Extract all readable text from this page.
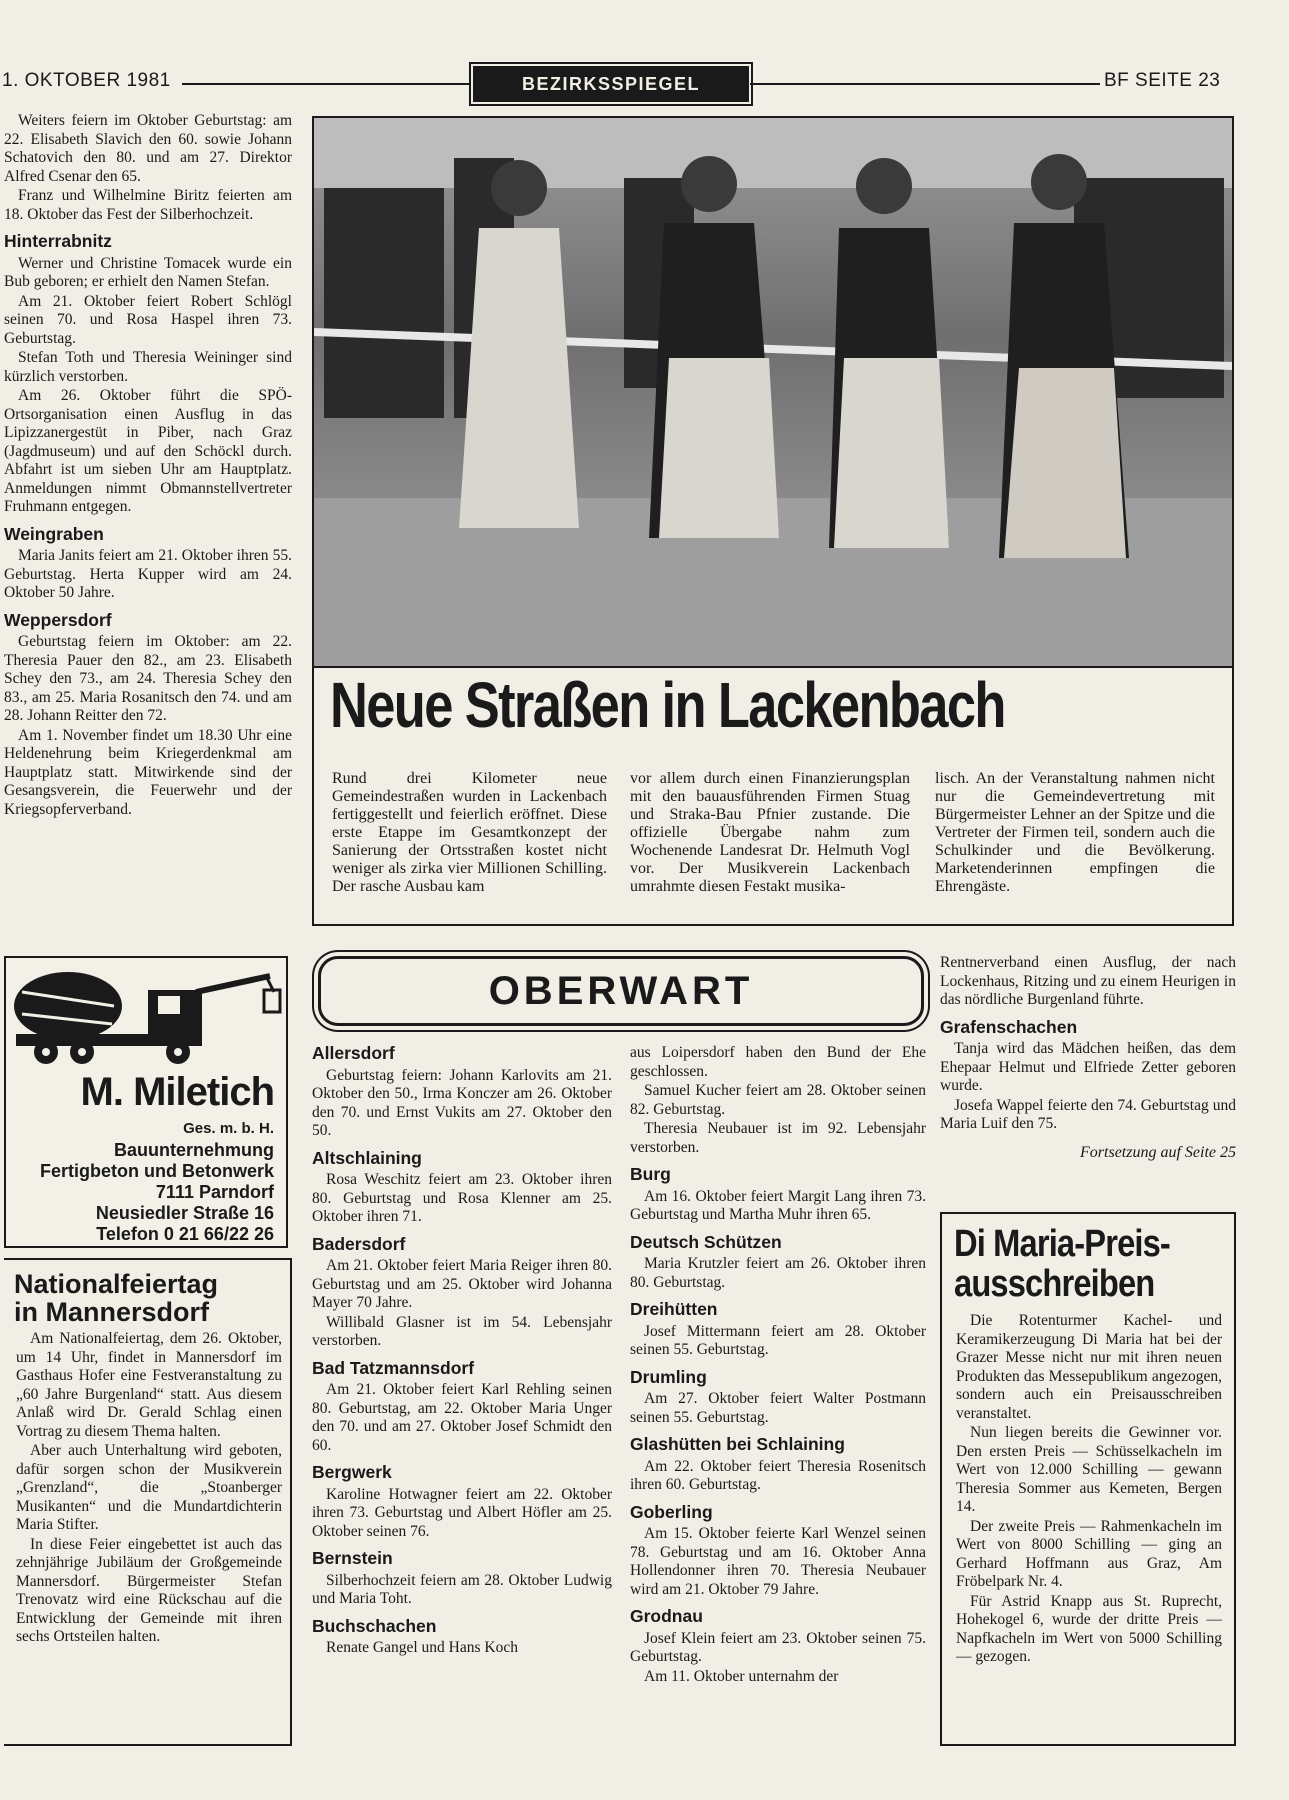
1. OKTOBER 1981	BEZIRKSSPIEGEL	BF SEITE 23

Weiters feiern im Oktober Geburtstag: am 22. Elisabeth Slavich den 60. sowie Johann Schatovich den 80. und am 27. Direktor Alfred Csenar den 65.

Franz und Wilhelmine Biritz feierten am 18. Oktober das Fest der Silberhochzeit.

Hinterrabnitz

Werner und Christine Tomacek wurde ein Bub geboren; er erhielt den Namen Stefan.

Am 21. Oktober feiert Robert Schlögl seinen 70. und Rosa Haspel ihren 73. Geburtstag.

Stefan Toth und Theresia Weininger sind kürzlich verstorben.

Am 26. Oktober führt die SPÖ-Ortsorganisation einen Ausflug in das Lipizzanergestüt in Piber, nach Graz (Jagdmuseum) und auf den Schöckl durch. Abfahrt ist um sieben Uhr am Hauptplatz. Anmeldungen nimmt Obmannstellvertreter Fruhmann entgegen.

Weingraben

Maria Janits feiert am 21. Oktober ihren 55. Geburtstag. Herta Kupper wird am 24. Oktober 50 Jahre.

Weppersdorf

Geburtstag feiern im Oktober: am 22. Theresia Pauer den 82., am 23. Elisabeth Schey den 73., am 24. Theresia Schey den 83., am 25. Maria Rosanitsch den 74. und am 28. Johann Reitter den 72.

Am 1. November findet um 18.30 Uhr eine Heldenehrung beim Kriegerdenkmal am Hauptplatz statt. Mitwirkende sind der Gesangsverein, die Feuerwehr und der Kriegsopferverband.

M. Miletich
Ges. m. b. H.
Bauunternehmung
Fertigbeton und Betonwerk
7111 Parndorf
Neusiedler Straße 16
Telefon 0 21 66/22 26
Nationalfeiertag
in Mannersdorf

Am Nationalfeiertag, dem 26. Oktober, um 14 Uhr, findet in Mannersdorf im Gasthaus Hofer eine Festveranstaltung zu „60 Jahre Burgenland“ statt. Aus diesem Anlaß wird Dr. Gerald Schlag einen Vortrag zu diesem Thema halten.

Aber auch Unterhaltung wird geboten, dafür sorgen schon der Musikverein „Grenzland“, die „Stoanberger Musikanten“ und die Mundartdichterin Maria Stifter.

In diese Feier eingebettet ist auch das zehnjährige Jubiläum der Großgemeinde Mannersdorf. Bürgermeister Stefan Trenovatz wird eine Rückschau auf die Entwicklung der Gemeinde mit ihren sechs Ortsteilen halten.

Neue Straßen in Lackenbach
Rund drei Kilometer neue Gemeindestraßen wurden in Lackenbach fertiggestellt und feierlich eröffnet. Diese erste Etappe im Gesamtkonzept der Sanierung der Ortsstraßen kostet nicht weniger als zirka vier Millionen Schilling. Der rasche Ausbau kam
vor allem durch einen Finanzierungsplan mit den bauausführenden Firmen Stuag und Straka-Bau Pfnier zustande. Die offizielle Übergabe nahm zum Wochenende Landesrat Dr. Helmuth Vogl vor. Der Musikverein Lackenbach umrahmte diesen Festakt musika-
lisch. An der Veranstaltung nahmen nicht nur die Gemeindevertretung mit Bürgermeister Lehner an der Spitze und die Vertreter der Firmen teil, sondern auch die Schulkinder und die Bevölkerung. Marketenderinnen empfingen die Ehrengäste.
OBERWART
Allersdorf

Geburtstag feiern: Johann Karlovits am 21. Oktober den 50., Irma Konczer am 26. Oktober den 70. und Ernst Vukits am 27. Oktober den 50.

Altschlaining

Rosa Weschitz feiert am 23. Oktober ihren 80. Geburtstag und Rosa Klenner am 25. Oktober ihren 71.

Badersdorf

Am 21. Oktober feiert Maria Reiger ihren 80. Geburtstag und am 25. Oktober wird Johanna Mayer 70 Jahre.

Willibald Glasner ist im 54. Lebensjahr verstorben.

Bad Tatzmannsdorf

Am 21. Oktober feiert Karl Rehling seinen 80. Geburtstag, am 22. Oktober Maria Unger den 70. und am 27. Oktober Josef Schmidt den 60.

Bergwerk

Karoline Hotwagner feiert am 22. Oktober ihren 73. Geburtstag und Albert Höfler am 25. Oktober seinen 76.

Bernstein

Silberhochzeit feiern am 28. Oktober Ludwig und Maria Toht.

Buchschachen

Renate Gangel und Hans Koch

aus Loipersdorf haben den Bund der Ehe geschlossen.

Samuel Kucher feiert am 28. Oktober seinen 82. Geburtstag.

Theresia Neubauer ist im 92. Lebensjahr verstorben.

Burg

Am 16. Oktober feiert Margit Lang ihren 73. Geburtstag und Martha Muhr ihren 65.

Deutsch Schützen

Maria Krutzler feiert am 26. Oktober ihren 80. Geburtstag.

Dreihütten

Josef Mittermann feiert am 28. Oktober seinen 55. Geburtstag.

Drumling

Am 27. Oktober feiert Walter Postmann seinen 55. Geburtstag.

Glashütten bei Schlaining

Am 22. Oktober feiert Theresia Rosenitsch ihren 60. Geburtstag.

Goberling

Am 15. Oktober feierte Karl Wenzel seinen 78. Geburtstag und am 16. Oktober Anna Hollendonner ihren 70. Theresia Neubauer wird am 21. Oktober 79 Jahre.

Grodnau

Josef Klein feiert am 23. Oktober seinen 75. Geburtstag.

Am 11. Oktober unternahm der

Rentnerverband einen Ausflug, der nach Lockenhaus, Ritzing und zu einem Heurigen in das nördliche Burgenland führte.

Grafenschachen

Tanja wird das Mädchen heißen, das dem Ehepaar Helmut und Elfriede Zetter geboren wurde.

Josefa Wappel feierte den 74. Geburtstag und Maria Luif den 75.

Fortsetzung auf Seite 25
Di Maria-Preis-
ausschreiben

Die Rotenturmer Kachel- und Keramikerzeugung Di Maria hat bei der Grazer Messe nicht nur mit ihren neuen Produkten das Messepublikum angezogen, sondern auch ein Preisausschreiben veranstaltet.

Nun liegen bereits die Gewinner vor. Den ersten Preis — Schüsselkacheln im Wert von 12.000 Schilling — gewann Theresia Sommer aus Kemeten, Bergen 14.

Der zweite Preis — Rahmenkacheln im Wert von 8000 Schilling — ging an Gerhard Hoffmann aus Graz, Am Fröbelpark Nr. 4.

Für Astrid Knapp aus St. Ruprecht, Hohekogel 6, wurde der dritte Preis — Napfkacheln im Wert von 5000 Schilling — gezogen.
